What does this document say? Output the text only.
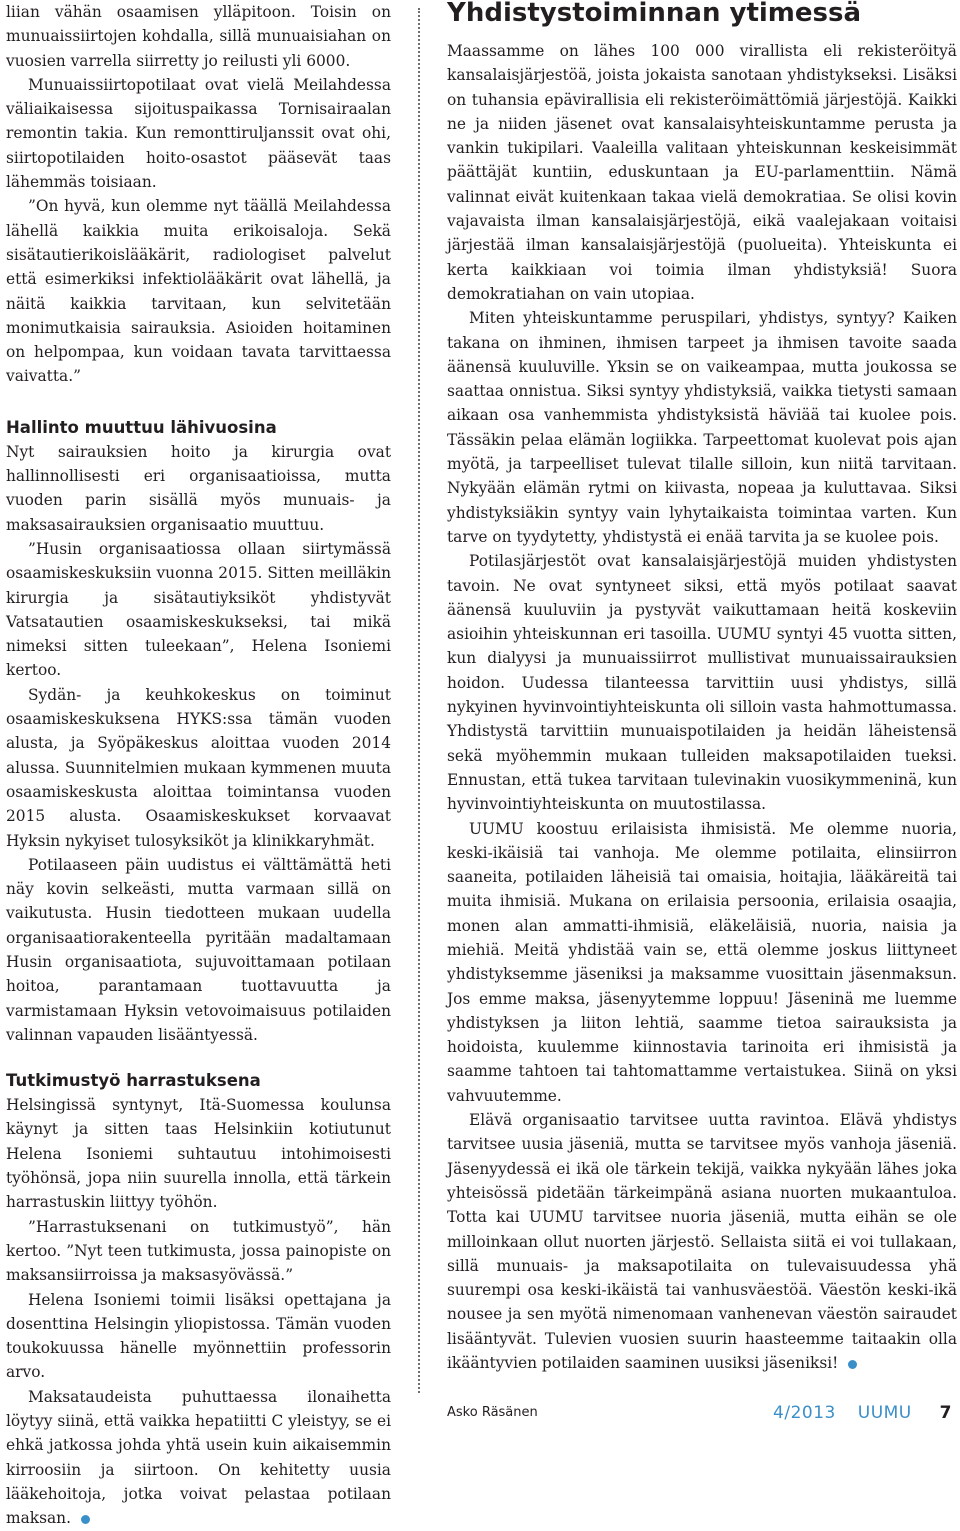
liian vähän osaamisen ylläpitoon. Toisin on munuaissiirtojen kohdalla, sillä munuaisiahan on vuosien varrella siirretty jo reilusti yli 6000.

Munuaissiirtopotilaat ovat vielä Meilahdessa väliaikaisessa sijoituspaikassa Tornisairaalan remontin takia. Kun remonttiruljanssit ovat ohi, siirtopotilaiden hoito-osastot pääsevät taas lähemmäs toisiaan.

”On hyvä, kun olemme nyt täällä Meilahdessa lähellä kaikkia muita erikoisaloja. Sekä sisätautierikoislääkärit, radiologiset palvelut että esimerkiksi infektiolääkärit ovat lähellä, ja näitä kaikkia tarvitaan, kun selvitetään monimutkaisia sairauksia. Asioiden hoitaminen on helpompaa, kun voidaan tavata tarvittaessa vaivatta.”

Hallinto muuttuu lähivuosina

Nyt sairauksien hoito ja kirurgia ovat hallinnollisesti eri organisaatioissa, mutta vuoden parin sisällä myös munuais- ja maksasairauksien organisaatio muuttuu.

”Husin organisaatiossa ollaan siirtymässä osaamiskeskuksiin vuonna 2015. Sitten meilläkin kirurgia ja sisätautiyksiköt yhdistyvät Vatsatautien osaamiskeskukseksi, tai mikä nimeksi sitten tuleekaan”, Helena Isoniemi kertoo.

Sydän- ja keuhkokeskus on toiminut osaamiskeskuksena HYKS:ssa tämän vuoden alusta, ja Syöpäkeskus aloittaa vuoden 2014 alussa. Suunnitelmien mukaan kymmenen muuta osaamiskeskusta aloittaa toimintansa vuoden 2015 alusta. Osaamiskeskukset korvaavat Hyksin nykyiset tulosyksiköt ja klinikkaryhmät.

Potilaaseen päin uudistus ei välttämättä heti näy kovin selkeästi, mutta varmaan sillä on vaikutusta. Husin tiedotteen mukaan uudella organisaatiorakenteella pyritään madaltamaan Husin organisaatiota, sujuvoittamaan potilaan hoitoa, parantamaan tuottavuutta ja varmistamaan Hyksin vetovoimaisuus potilaiden valinnan vapauden lisääntyessä.

Tutkimustyö harrastuksena

Helsingissä syntynyt, Itä-Suomessa koulunsa käynyt ja sitten taas Helsinkiin kotiutunut Helena Isoniemi suhtautuu intohimoisesti työhönsä, jopa niin suurella innolla, että tärkein harrastuskin liittyy työhön.

”Harrastuksenani on tutkimustyö”, hän kertoo. ”Nyt teen tutkimusta, jossa painopiste on maksansiirroissa ja maksasyövässä.”

Helena Isoniemi toimii lisäksi opettajana ja dosenttina Helsingin yliopistossa. Tämän vuoden toukokuussa hänelle myönnettiin professorin arvo.

Maksataudeista puhuttaessa ilonaihetta löytyy siinä, että vaikka hepatiitti C yleistyy, se ei ehkä jatkossa johda yhtä usein kuin aikaisemmin kirroosiin ja siirtoon. On kehitetty uusia lääkehoitoja, jotka voivat pelastaa potilaan maksan.

Yhdistystoiminnan ytimessä

Maassamme on lähes 100 000 virallista eli rekisteröityä kansalaisjärjestöä, joista jokaista sanotaan yhdistykseksi. Lisäksi on tuhansia epävirallisia eli rekisteröimättömiä järjestöjä. Kaikki ne ja niiden jäsenet ovat kansalaisyhteiskuntamme perusta ja vankin tukipilari. Vaaleilla valitaan yhteiskunnan keskeisimmät päättäjät kuntiin, eduskuntaan ja EU-parlamenttiin. Nämä valinnat eivät kuitenkaan takaa vielä demokratiaa. Se olisi kovin vajavaista ilman kansalaisjärjestöjä, eikä vaalejakaan voitaisi järjestää ilman kansalaisjärjestöjä (puolueita). Yhteiskunta ei kerta kaikkiaan voi toimia ilman yhdistyksiä! Suora demokratiahan on vain utopiaa.

Miten yhteiskuntamme peruspilari, yhdistys, syntyy? Kaiken takana on ihminen, ihmisen tarpeet ja ihmisen tavoite saada äänensä kuuluville. Yksin se on vaikeampaa, mutta joukossa se saattaa onnistua. Siksi syntyy yhdistyksiä, vaikka tietysti samaan aikaan osa vanhemmista yhdistyksistä häviää tai kuolee pois. Tässäkin pelaa elämän logiikka. Tarpeettomat kuolevat pois ajan myötä, ja tarpeelliset tulevat tilalle silloin, kun niitä tarvitaan. Nykyään elämän rytmi on kiivasta, nopeaa ja kuluttavaa. Siksi yhdistyksiäkin syntyy vain lyhytaikaista toimintaa varten. Kun tarve on tyydytetty, yhdistystä ei enää tarvita ja se kuolee pois.

Potilasjärjestöt ovat kansalaisjärjestöjä muiden yhdistysten tavoin. Ne ovat syntyneet siksi, että myös potilaat saavat äänensä kuuluviin ja pystyvät vaikuttamaan heitä koskeviin asioihin yhteiskunnan eri tasoilla. UUMU syntyi 45 vuotta sitten, kun dialyysi ja munuaissiirrot mullistivat munuaissairauksien hoidon. Uudessa tilanteessa tarvittiin uusi yhdistys, sillä nykyinen hyvinvointiyhteiskunta oli silloin vasta hahmottumassa. Yhdistystä tarvittiin munuaispotilaiden ja heidän läheistensä sekä myöhemmin mukaan tulleiden maksapotilaiden tueksi. Ennustan, että tukea tarvitaan tulevinakin vuosikymmeninä, kun hyvinvointiyhteiskunta on muutostilassa.

UUMU koostuu erilaisista ihmisistä. Me olemme nuoria, keski-ikäisiä tai vanhoja. Me olemme potilaita, elinsiirron saaneita, potilaiden läheisiä tai omaisia, hoitajia, lääkäreitä tai muita ihmisiä. Mukana on erilaisia persoonia, erilaisia osaajia, monen alan ammatti-ihmisiä, eläkeläisiä, nuoria, naisia ja miehiä. Meitä yhdistää vain se, että olemme joskus liittyneet yhdistyksemme jäseniksi ja maksamme vuosittain jäsenmaksun. Jos emme maksa, jäsenyytemme loppuu! Jäseninä me luemme yhdistyksen ja liiton lehtiä, saamme tietoa sairauksista ja hoidoista, kuulemme kiinnostavia tarinoita eri ihmisistä ja saamme tahtoen tai tahtomattamme vertaistukea. Siinä on yksi vahvuutemme.

Elävä organisaatio tarvitsee uutta ravintoa. Elävä yhdistys tarvitsee uusia jäseniä, mutta se tarvitsee myös vanhoja jäseniä. Jäsenyydessä ei ikä ole tärkein tekijä, vaikka nykyään lähes joka yhteisössä pidetään tärkeimpänä asiana nuorten mukaantuloa. Totta kai UUMU tarvitsee nuoria jäseniä, mutta eihän se ole milloinkaan ollut nuorten järjestö. Sellaista siitä ei voi tullakaan, sillä munuais- ja maksapotilaita on tulevaisuudessa yhä suurempi osa keski-ikäistä tai vanhusväestöä. Väestön keski-ikä nousee ja sen myötä nimenomaan vanhenevan väestön sairaudet lisääntyvät. Tulevien vuosien suurin haasteemme taitaakin olla ikääntyvien potilaiden saaminen uusiksi jäseniksi!

Asko Räsänen	4/2013 UUMU 7
